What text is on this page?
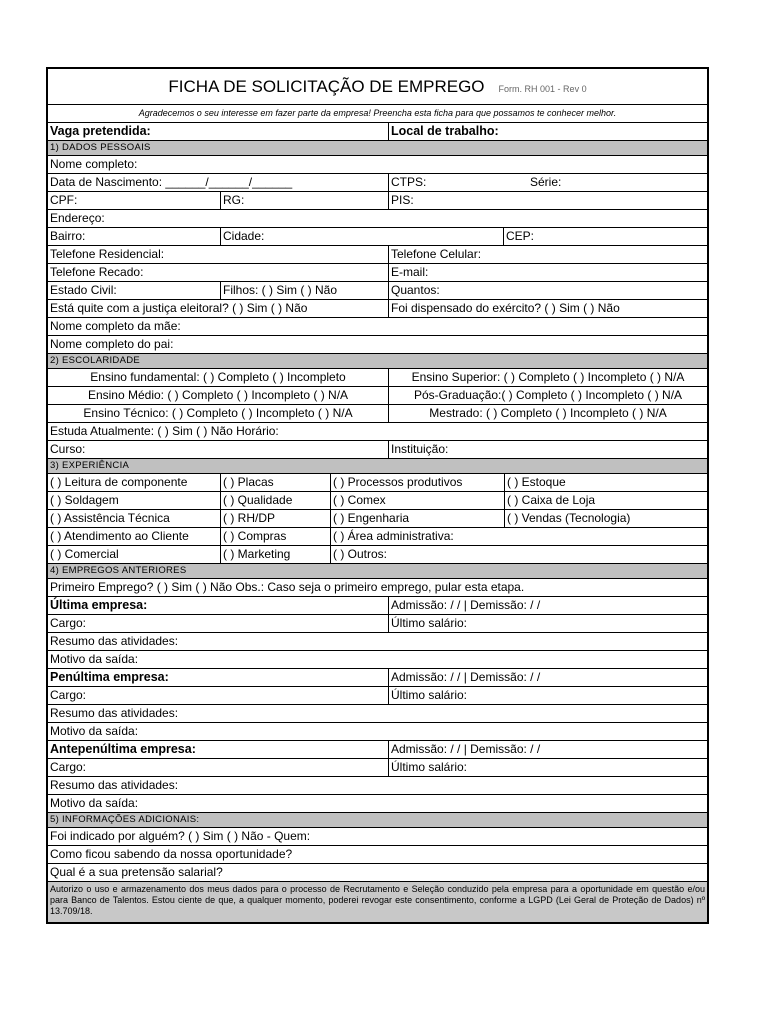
FICHA DE SOLICITAÇÃO DE EMPREGO Form. RH 001 - Rev 0
Agradecemos o seu interesse em fazer parte da empresa! Preencha esta ficha para que possamos te conhecer melhor.
Vaga pretendida:	Local de trabalho:
1) DADOS PESSOAIS
Nome completo:
Data de Nascimento: ______/______/______	CTPS:	Série:
CPF:	RG:	PIS:
Endereço:
Bairro:	Cidade:	CEP:
Telefone Residencial:	Telefone Celular:
Telefone Recado:	E-mail:
Estado Civil:	Filhos: ( ) Sim ( ) Não	Quantos:
Está quite com a justiça eleitoral? ( ) Sim ( ) Não	Foi dispensado do exército? ( ) Sim ( ) Não
Nome completo da mãe:
Nome completo do pai:
2) ESCOLARIDADE
Ensino fundamental: ( ) Completo ( ) Incompleto	Ensino Superior: ( ) Completo ( ) Incompleto ( ) N/A
Ensino Médio: ( ) Completo ( ) Incompleto ( ) N/A	Pós-Graduação:( ) Completo ( ) Incompleto ( ) N/A
Ensino Técnico: ( ) Completo ( ) Incompleto ( ) N/A	Mestrado: ( ) Completo ( ) Incompleto ( ) N/A
Estuda Atualmente: ( ) Sim ( ) Não Horário:
Curso:	Instituição:
3) EXPERIÊNCIA
( ) Leitura de componente	( ) Placas	( ) Processos produtivos	( ) Estoque
( ) Soldagem	( ) Qualidade	( ) Comex	( ) Caixa de Loja
( ) Assistência Técnica	( ) RH/DP	( ) Engenharia	( ) Vendas (Tecnologia)
( ) Atendimento ao Cliente	( ) Compras	( ) Área administrativa:
( ) Comercial	( ) Marketing	( ) Outros:
4) EMPREGOS ANTERIORES
Primeiro Emprego? ( ) Sim ( ) Não Obs.: Caso seja o primeiro emprego, pular esta etapa.
Última empresa:	Admissão: / / | Demissão: / /
Cargo:	Último salário:
Resumo das atividades:
Motivo da saída:
Penúltima empresa:	Admissão: / / | Demissão: / /
Cargo:	Último salário:
Resumo das atividades:
Motivo da saída:
Antepenúltima empresa:	Admissão: / / | Demissão: / /
Cargo:	Último salário:
Resumo das atividades:
Motivo da saída:
5) INFORMAÇÕES ADICIONAIS:
Foi indicado por alguém? ( ) Sim ( ) Não - Quem:
Como ficou sabendo da nossa oportunidade?
Qual é a sua pretensão salarial?
Autorizo o uso e armazenamento dos meus dados para o processo de Recrutamento e Seleção conduzido pela empresa para a oportunidade em questão e/ou para Banco de Talentos. Estou ciente de que, a qualquer momento, poderei revogar este consentimento, conforme a LGPD (Lei Geral de Proteção de Dados) nº 13.709/18.
